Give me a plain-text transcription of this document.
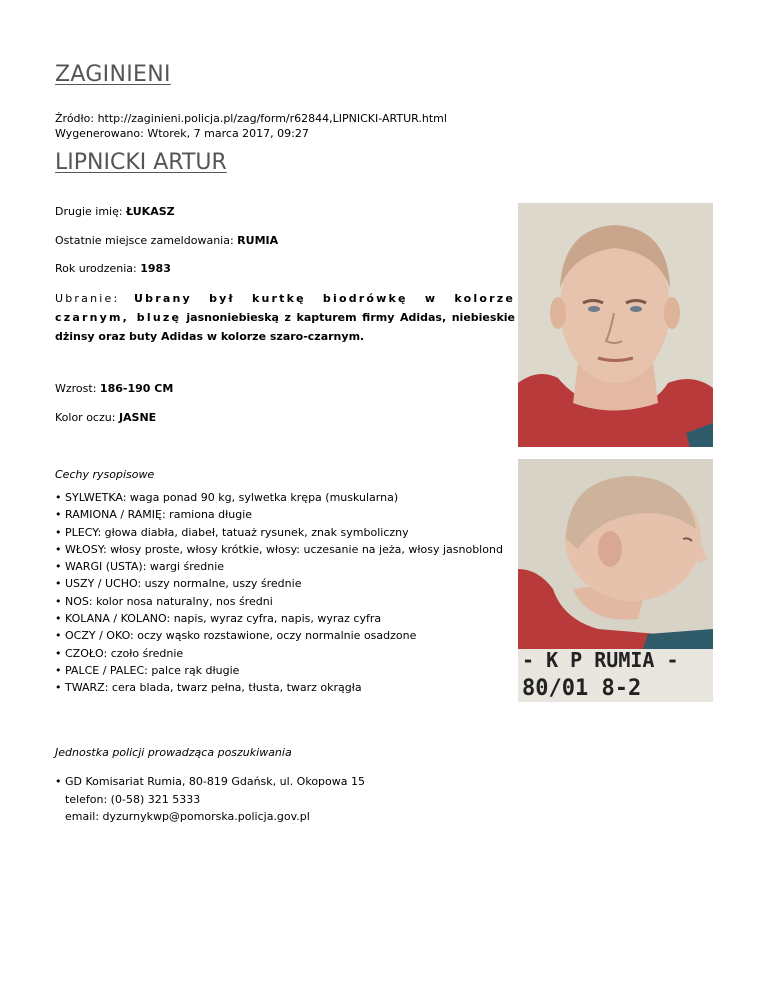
ZAGINIENI
Źródło: http://zaginieni.policja.pl/zag/form/r62844,LIPNICKI-ARTUR.html
Wygenerowano: Wtorek, 7 marca 2017, 09:27
LIPNICKI ARTUR
Drugie imię: ŁUKASZ
Ostatnie miejsce zameldowania: RUMIA
Rok urodzenia: 1983
Ubranie: Ubrany był kurtkę biodrówkę w kolorze czarnym, bluzę jasnoniebieską z kapturem firmy Adidas, niebieskie dżinsy oraz buty Adidas w kolorze szaro-czarnym.
Wzrost: 186-190 CM
Kolor oczu: JASNE
Cechy rysopisowe
• SYLWETKA: waga ponad 90 kg, sylwetka krępa (muskularna)
• RAMIONA / RAMIĘ: ramiona długie
• PLECY: głowa diabła, diabeł, tatuaż rysunek, znak symboliczny
• WŁOSY: włosy proste, włosy krótkie, włosy: uczesanie na jeża, włosy jasnoblond
• WARGI (USTA): wargi średnie
• USZY / UCHO: uszy normalne, uszy średnie
• NOS: kolor nosa naturalny, nos średni
• KOLANA / KOLANO: napis, wyraz cyfra, napis, wyraz cyfra
• OCZY / OKO: oczy wąsko rozstawione, oczy normalnie osadzone
• CZOŁO: czoło średnie
• PALCE / PALEC: palce rąk długie
• TWARZ: cera blada, twarz pełna, tłusta, twarz okrągła
Jednostka policji prowadząca poszukiwania
• GD Komisariat Rumia, 80-819 Gdańsk, ul. Okopowa 15
telefon: (0-58) 321 5333
email: dyzurnykwp@pomorska.policja.gov.pl
- K P RUMIA -
80/01 8-2
